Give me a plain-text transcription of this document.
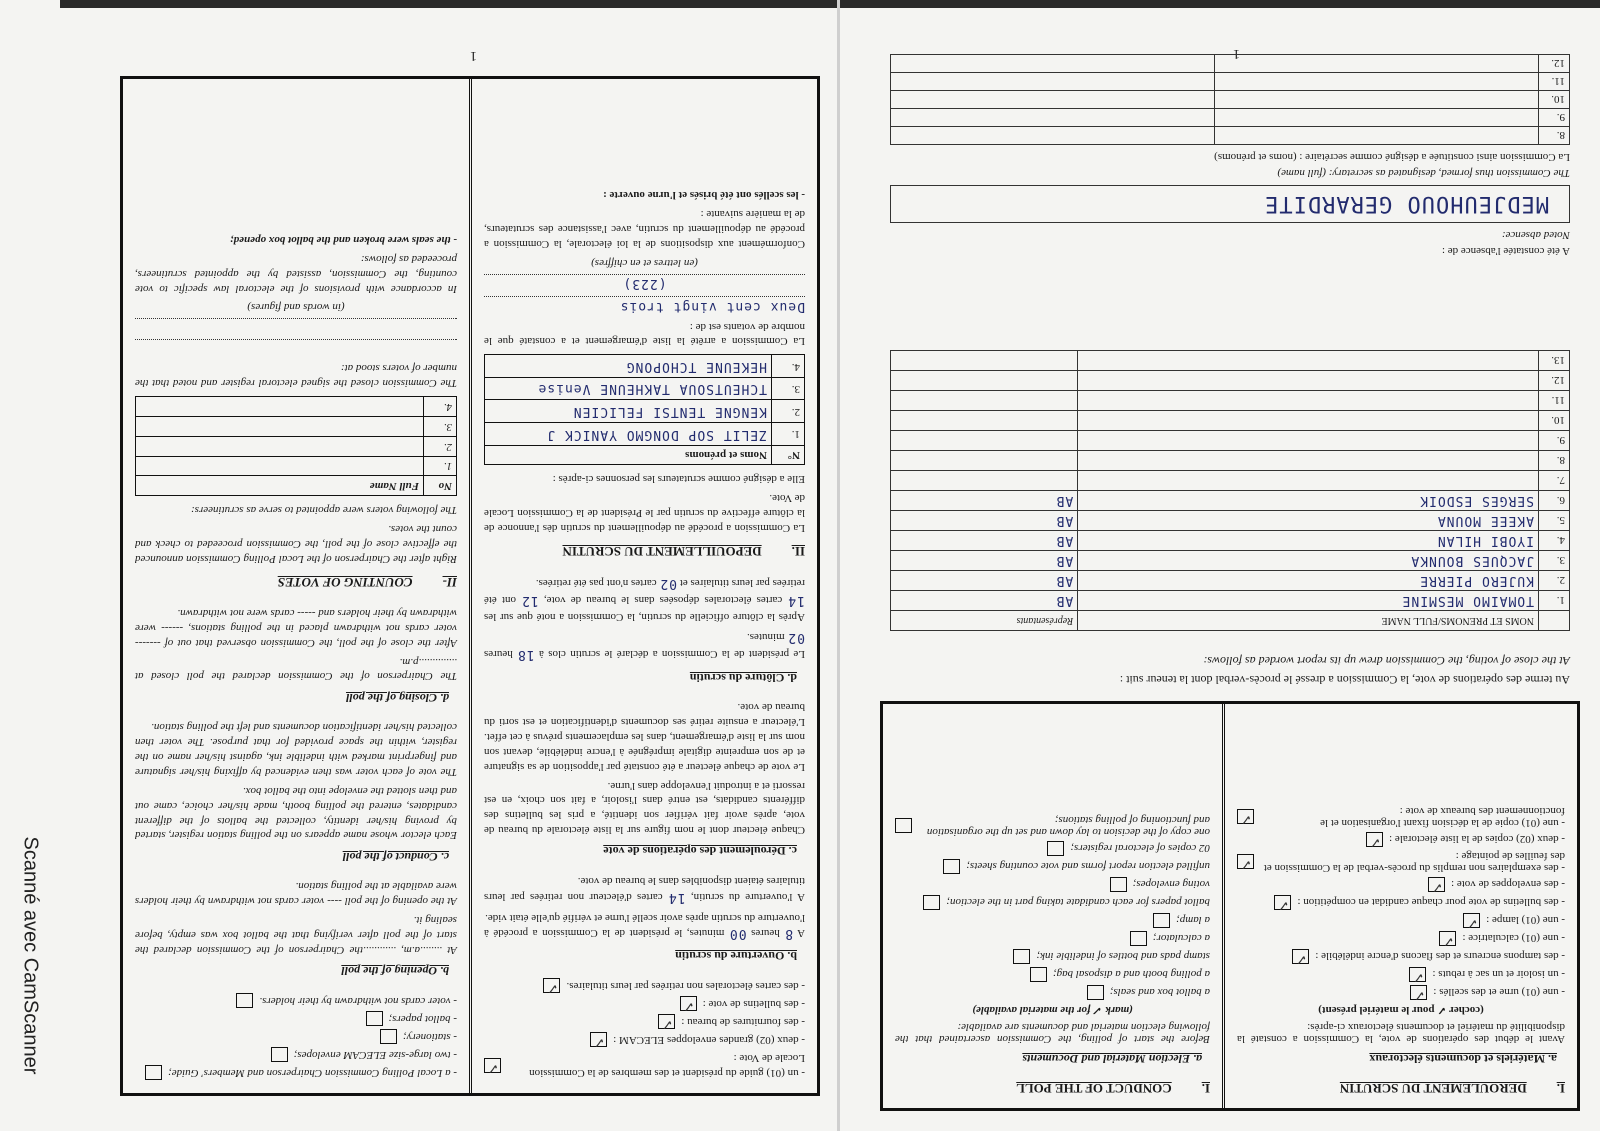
Scanné avec CamScanner
1
I.
DEROULEMENT DU SCRUTIN
a. Matériels et documents électoraux

Avant le début des opérations de vote, la Commission a constaté la disponibilité du matériel et documents électoraux ci-après:

(cocher ✓ pour le matériel présent)

- une (01) urne et des scellés :
✓
- un isoloir et un sac à rebuts :
✓
- des tampons encreurs et des flacons d'encre indélébile :
✓
- une (01) calculatrice :
✓
- une (01) lampe :
✓
- des bulletins de vote pour chaque candidat en compétition :
✓
- des enveloppes de vote :
✓
- des exemplaires non remplis du procès-verbal de la Commission et des feuilles de pointage :
✓
- deux (02) copies de la liste électorale :
✓
- une (01) copie de la décision fixant l'organisation et le fonctionnement des bureaux de vote :
✓
I.
CONDUCT OF THE POLL
a. Election Material and Documents

Before the start of polling, the Commission ascertained that the following election material and documents are available:

(mark ✓ for the material available)

a ballot box and seals;
a polling booth and a disposal bag;
stamp pads and bottles of indelible ink;
a calculator;
a lamp;
ballot papers for each candidate taking part in the election;
voting envelopes;
unfilled election report forms and vote counting sheets;
02 copies of electoral registers;
one copy of the decision to lay down and set up the organisation and functioning of polling stations;

Au terme des opérations de vote, la Commission a dressé le procès-verbal dont la teneur suit :

At the close of voting, the Commission drew up its report worded as follows:

	NOMS ET PRENOMS/FULL NAME	Représentants
1.	TOMAIMO MESMINE	AB
2.	KUJERO PIERRE	AB
3.	JACQUES BOUNKA	AB
4.	IYOBI HILAN	AB
5.	AKEEE MOUNA	AB
6.	SERGES ESDOIK	AB
7.		
8.		
9.		
10.		
11.		
12.		
13.		

A été constatée l'absence de :

Noted absence:

MEDJEUHOUO GERARDITE

The Commission thus formed, designated as secretary: (full name)

La Commission ainsi constituée a désigné comme secrétaire : (noms et prénoms)

8.		
9.		
10.		
11.		
12.		
1
- un (01) guide du président et des membres de la Commission Locale de Vote :
✓
- deux (02) grandes enveloppes ELECAM :
✓
- des fournitures de bureau :
✓
- des bulletins de vote :
✓
- des cartes électorales non retirées par leurs titulaires.
✓
b. Ouverture du scrutin

A 8 heures 00 minutes, le président de la Commission a procédé à l'ouverture du scrutin après avoir scellé l'urne et vérifié qu'elle était vide.

A l'ouverture du scrutin, 14 cartes d'électeur non retirées par leurs titulaires étaient disponibles dans le bureau de vote.

c. Déroulement des opérations de vote

Chaque électeur dont le nom figure sur la liste électorale du bureau de vote, après avoir fait vérifier son identité, a pris les bulletins des différents candidats, est entré dans l'isoloir, a fait son choix, en est ressorti et a introduit l'enveloppe dans l'urne.

Le vote de chaque électeur a été constaté par l'apposition de sa signature et de son empreinte digitale imprégnée à l'encre indélébile, devant son nom sur la liste d'émargement, dans les emplacements prévus à cet effet. L'électeur a ensuite retiré ses documents d'identification et est sorti du bureau de vote.

d. Clôture du scrutin

Le président de la Commission a déclaré le scrutin clos à 18 heures 02 minutes.

Après la clôture officielle du scrutin, la Commission a noté que sur les 14 cartes électorales déposées dans le bureau de vote, 12 ont été retirées par leurs titulaires et 02 cartes n'ont pas été retirées.

II.
DEPOUILLEMENT DU SCRUTIN

La Commission a procédé au dépouillement du scrutin dès l'annonce de la clôture effective du scrutin par le Président de la Commission Locale de Vote.

Elle a désigné comme scrutateurs les personnes ci-après :

N°	Noms et prénoms
1.	ZELIT SOP DONGMO YANICK J
2.	KENGNE TENTSI FELICIEN
3.	TCHEUTSOUA TAKHEUNE Venise
4.	HEKEUNE TCHOPONG

La Commission a arrêté la liste d'émargement et a constaté que le nombre de votants est de :

Deux cent vingt trois
(223)

(en lettres et en chiffres)

Conformément aux dispositions de la loi électorale, la Commission a procédé au dépouillement du scrutin, avec l'assistance des scrutateurs, de la manière suivante :

- les scellés ont été brisés et l'urne ouverte :

- a Local Polling Commission Chairperson and Members' Guide;
- two large-size ELECAM envelopes;
- stationery;
- ballot papers;
- voter cards not withdrawn by their holders.
b. Opening of the poll

At ........a.m, ............the Chairperson of the Commission declared the start of the poll after verifying that the ballot box was empty, before sealing it.

At the opening of the poll ---- voter cards not withdrawn by their holders were available at the polling station.

c. Conduct of the poll

Each elector whose name appears on the polling station register, started by proving his/her identity, collected the ballots of the different candidates, entered the polling booth, made his/her choice, came out and then slotted the envelope into the ballot box.

The vote of each voter was then evidenced by affixing his/her signature and fingerprint marked with indelible ink, against his/her name on the register, within the space provided for that purpose. The voter then collected his/her identification documents and left the polling station.

d. Closing of the poll

The Chairperson of the Commission declared the poll closed at ..............p.m.

After the close of the poll, the Commission observed that out of ------- voter cards not withdrawn placed in the polling stations, ------ were withdrawn by their holders and ----- cards were not withdrawn.

II-
COUNTING OF VOTES

Right after the Chairperson of the Local Polling Commission announced the effective close of the poll, the Commission proceeded to check and count the votes.

The following voters were appointed to serve as scrutineers:

No	Full Name
1.	
2.	
3.	
4.	

The Commission closed the signed electoral register and noted that the number of voters stood at:

(in words and figures)

In accordance with provisions of the electoral law specific to vote counting, the Commission, assisted by the appointed scrutineers, proceeded as follows:

- the seals were broken and the ballot box opened;
